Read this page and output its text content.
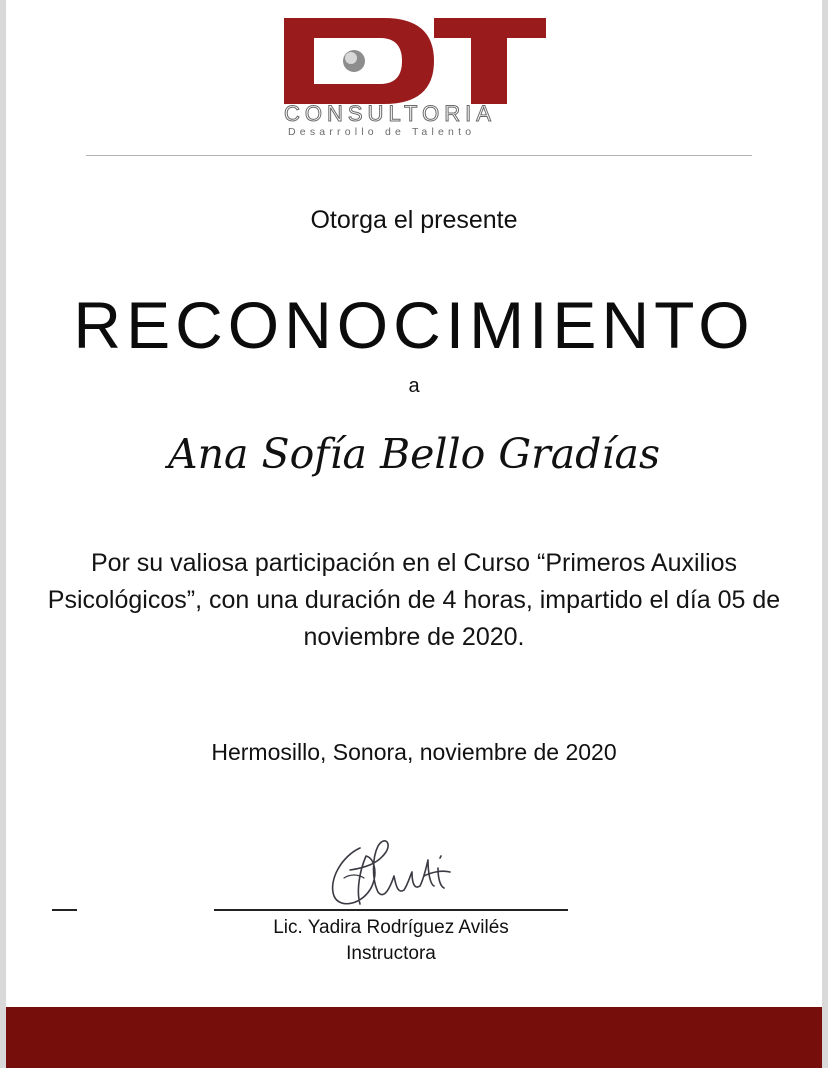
CONSULTORIA
Desarrollo de Talento
Otorga el presente
RECONOCIMIENTO
a
Ana Sofía Bello Gradías
Por su valiosa participación en el Curso “Primeros Auxilios Psicológicos”, con una duración de 4 horas, impartido el día 05 de noviembre de 2020.
Hermosillo, Sonora, noviembre de 2020
Lic. Yadira Rodríguez Avilés
Instructora
